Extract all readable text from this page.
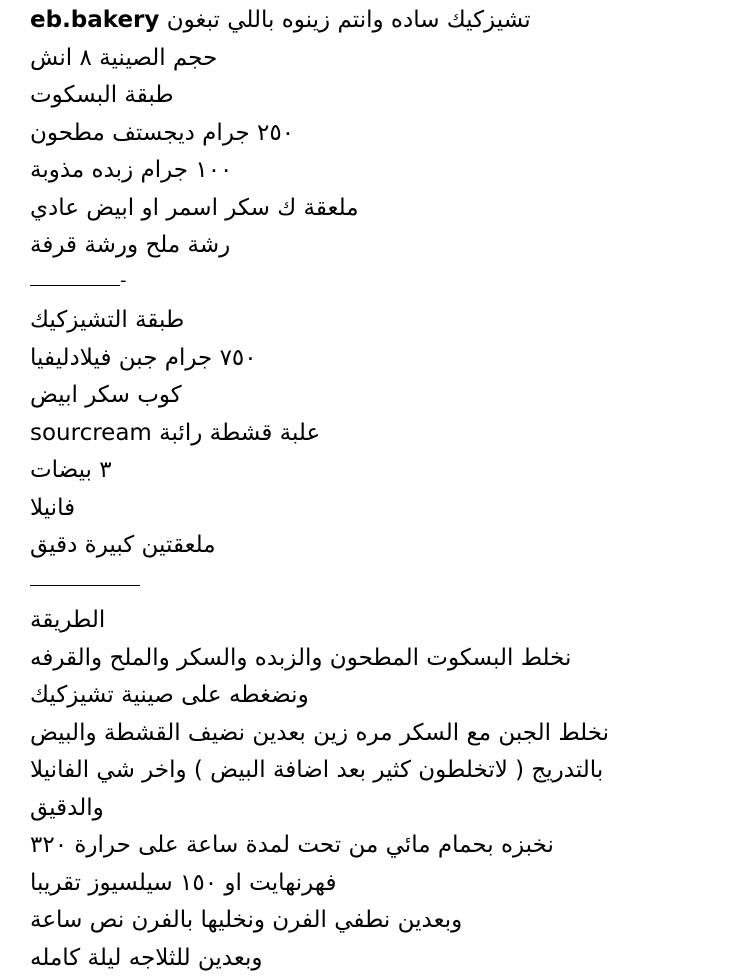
تشيزكيك ساده وانتم زينوه باللي تبغون eb.bakery
حجم الصينية ٨ انش
طبقة البسكوت
٢٥٠ جرام ديجستف مطحون
١٠٠ جرام زبده مذوبة
ملعقة ك سكر اسمر او ابيض عادي
رشة ملح ورشة قرفة
-
طبقة التشيزكيك
٧٥٠ جرام جبن فيلادليفيا
كوب سكر ابيض
علبة قشطة رائبة sourcream
٣ بيضات
فانيلا
ملعقتين كبيرة دقيق
الطريقة
نخلط البسكوت المطحون والزبده والسكر والملح والقرفه
ونضغطه على صينية تشيزكيك
نخلط الجبن مع السكر مره زين بعدين نضيف القشطة والبيض
بالتدريج ( لاتخلطون كثير بعد اضافة البيض ) واخر شي الفانيلا
والدقيق
نخبزه بحمام مائي من تحت لمدة ساعة على حرارة ٣٢٠
فهرنهايت او ١٥٠ سيلسيوز تقريبا
وبعدين نطفي الفرن ونخليها بالفرن نص ساعة
وبعدين للثلاجه ليلة كامله
